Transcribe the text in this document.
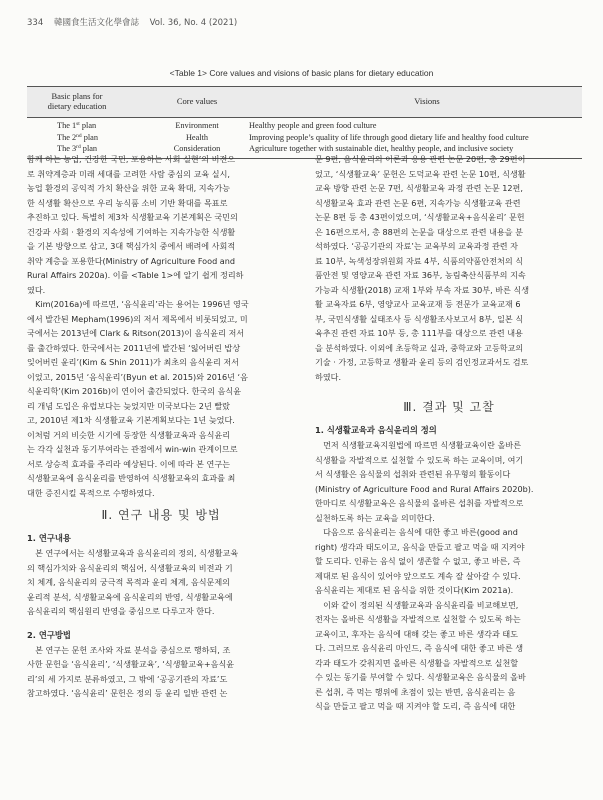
334 韓國食生活文化學會誌 Vol. 36, No. 4 (2021)
<Table 1> Core values and visions of basic plans for dietary education
Basic plans for
dietary education	Core values	Visions
The 1st plan	Environment	Healthy people and green food culture
The 2nd plan	Health	Improving people’s quality of life through good dietary life and healthy food culture
The 3rd plan	Consideration	Agriculture together with sustainable diet, healthy people, and inclusive society
함께 하는 농업, 건강한 국민, 포용하는 사회 실현’의 비전으
로 취약계층과 미래 세대를 고려한 사람 중심의 교육 실시,
농업 환경의 공익적 가치 확산을 위한 교육 확대, 지속가능
한 식생활 확산으로 우리 농식품 소비 기반 확대를 목표로
추진하고 있다. 특별히 제3차 식생활교육 기본계획은 국민의
건강과 사회 · 환경의 지속성에 기여하는 지속가능한 식생활
을 기본 방향으로 삼고, 3대 핵심가치 중에서 배려에 사회적
취약 계층을 포용한다(Ministry of Agriculture Food and
Rural Affairs 2020a). 이를 <Table 1>에 알기 쉽게 정리하
였다.
　Kim(2016a)에 따르면, ‘음식윤리’라는 용어는 1996년 영국
에서 발간된 Mepham(1996)의 저서 제목에서 비롯되었고, 미
국에서는 2013년에 Clark & Ritson(2013)이 음식윤리 저서
를 출간하였다. 한국에서는 2011년에 발간된 ‘잃어버린 밥상
잊어버린 윤리’(Kim & Shin 2011)가 최초의 음식윤리 저서
이었고, 2015년 ‘음식윤리’(Byun et al. 2015)와 2016년 ‘음
식윤리학’(Kim 2016b)이 연이어 출간되었다. 한국의 음식윤
리 개념 도입은 유럽보다는 늦었지만 미국보다는 2년 빨랐
고, 2010년 제1차 식생활교육 기본계획보다는 1년 늦었다.
이처럼 거의 비슷한 시기에 등장한 식생활교육과 음식윤리
는 각각 실천과 동기부여라는 관점에서 win-win 관계이므로
서로 상승적 효과를 주리라 예상된다. 이에 따라 본 연구는
식생활교육에 음식윤리를 반영하여 식생활교육의 효과를 최
대한 증진시킬 목적으로 수행하였다.
Ⅱ. 연구 내용 및 방법
1. 연구내용
　본 연구에서는 식생활교육과 음식윤리의 정의, 식생활교육
의 핵심가치와 음식윤리의 핵심어, 식생활교육의 비전과 기
치 체계, 음식윤리의 궁극적 목적과 윤리 체계, 음식문제의
윤리적 분석, 식생활교육에 음식윤리의 반영, 식생활교육에
음식윤리의 핵심원리 반영을 중심으로 다루고자 한다.
2. 연구방법
　본 연구는 문헌 조사와 자료 분석을 중심으로 행하되, 조
사한 문헌을 ‘음식윤리’, ‘식생활교육’, ‘식생활교육+음식윤
리’의 세 가지로 분류하였고, 그 밖에 ‘공공기관의 자료’도
참고하였다. ‘음식윤리’ 문헌은 정의 등 윤리 일반 관련 논
문 9편, 음식윤리의 이론과 응용 관련 논문 20편, 총 29편이
었고, ‘식생활교육’ 문헌은 도덕교육 관련 논문 10편, 식생활
교육 방향 관련 논문 7편, 식생활교육 과정 관련 논문 12편,
식생활교육 효과 관련 논문 6편, 지속가능 식생활교육 관련
논문 8편 등 총 43편이었으며, ‘식생활교육+음식윤리’ 문헌
은 16편으로서, 총 88편의 논문을 대상으로 관련 내용을 분
석하였다. ‘공공기관의 자료’는 교육부의 교육과정 관련 자
료 10부, 녹색성장위원회 자료 4부, 식품의약품안전처의 식
품안전 및 영양교육 관련 자료 36부, 농림축산식품부의 지속
가능과 식생활(2018) 교재 1부와 부속 자료 30부, 바른 식생
활 교육자료 6부, 영양교사 교육교재 등 전문가 교육교재 6
부, 국민식생활 실태조사 등 식생활조사보고서 8부, 일본 식
육추진 관련 자료 10부 등, 총 111부를 대상으로 관련 내용
을 분석하였다. 이외에 초등학교 실과, 중학교와 고등학교의
기술 · 가정, 고등학교 생활과 윤리 등의 검인정교과서도 검토
하였다.
Ⅲ. 결과 및 고찰
1. 식생활교육과 음식윤리의 정의
　먼저 식생활교육지원법에 따르면 식생활교육이란 올바른
식생활을 자발적으로 실천할 수 있도록 하는 교육이며, 여기
서 식생활은 음식물의 섭취와 관련된 유무형의 활동이다
(Ministry of Agriculture Food and Rural Affairs 2020b).
한마디로 식생활교육은 음식물의 올바른 섭취를 자발적으로
실천하도록 하는 교육을 의미한다.
　다음으로 음식윤리는 음식에 대한 좋고 바른(good and
right) 생각과 태도이고, 음식을 만들고 팔고 먹을 때 지켜야
할 도리다. 인류는 음식 없이 생존할 수 없고, 좋고 바른, 즉
제대로 된 음식이 있어야 앞으로도 계속 잘 살아갈 수 있다.
음식윤리는 제대로 된 음식을 위한 것이다(Kim 2021a).
　이와 같이 정의된 식생활교육과 음식윤리를 비교해보면,
전자는 올바른 식생활을 자발적으로 실천할 수 있도록 하는
교육이고, 후자는 음식에 대해 갖는 좋고 바른 생각과 태도
다. 그러므로 음식윤리 마인드, 즉 음식에 대한 좋고 바른 생
각과 태도가 갖춰지면 올바른 식생활을 자발적으로 실천할
수 있는 동기를 부여할 수 있다. 식생활교육은 음식물의 올바
른 섭취, 즉 먹는 행위에 초점이 있는 반면, 음식윤리는 음
식을 만들고 팔고 먹을 때 지켜야 할 도리, 즉 음식에 대한
